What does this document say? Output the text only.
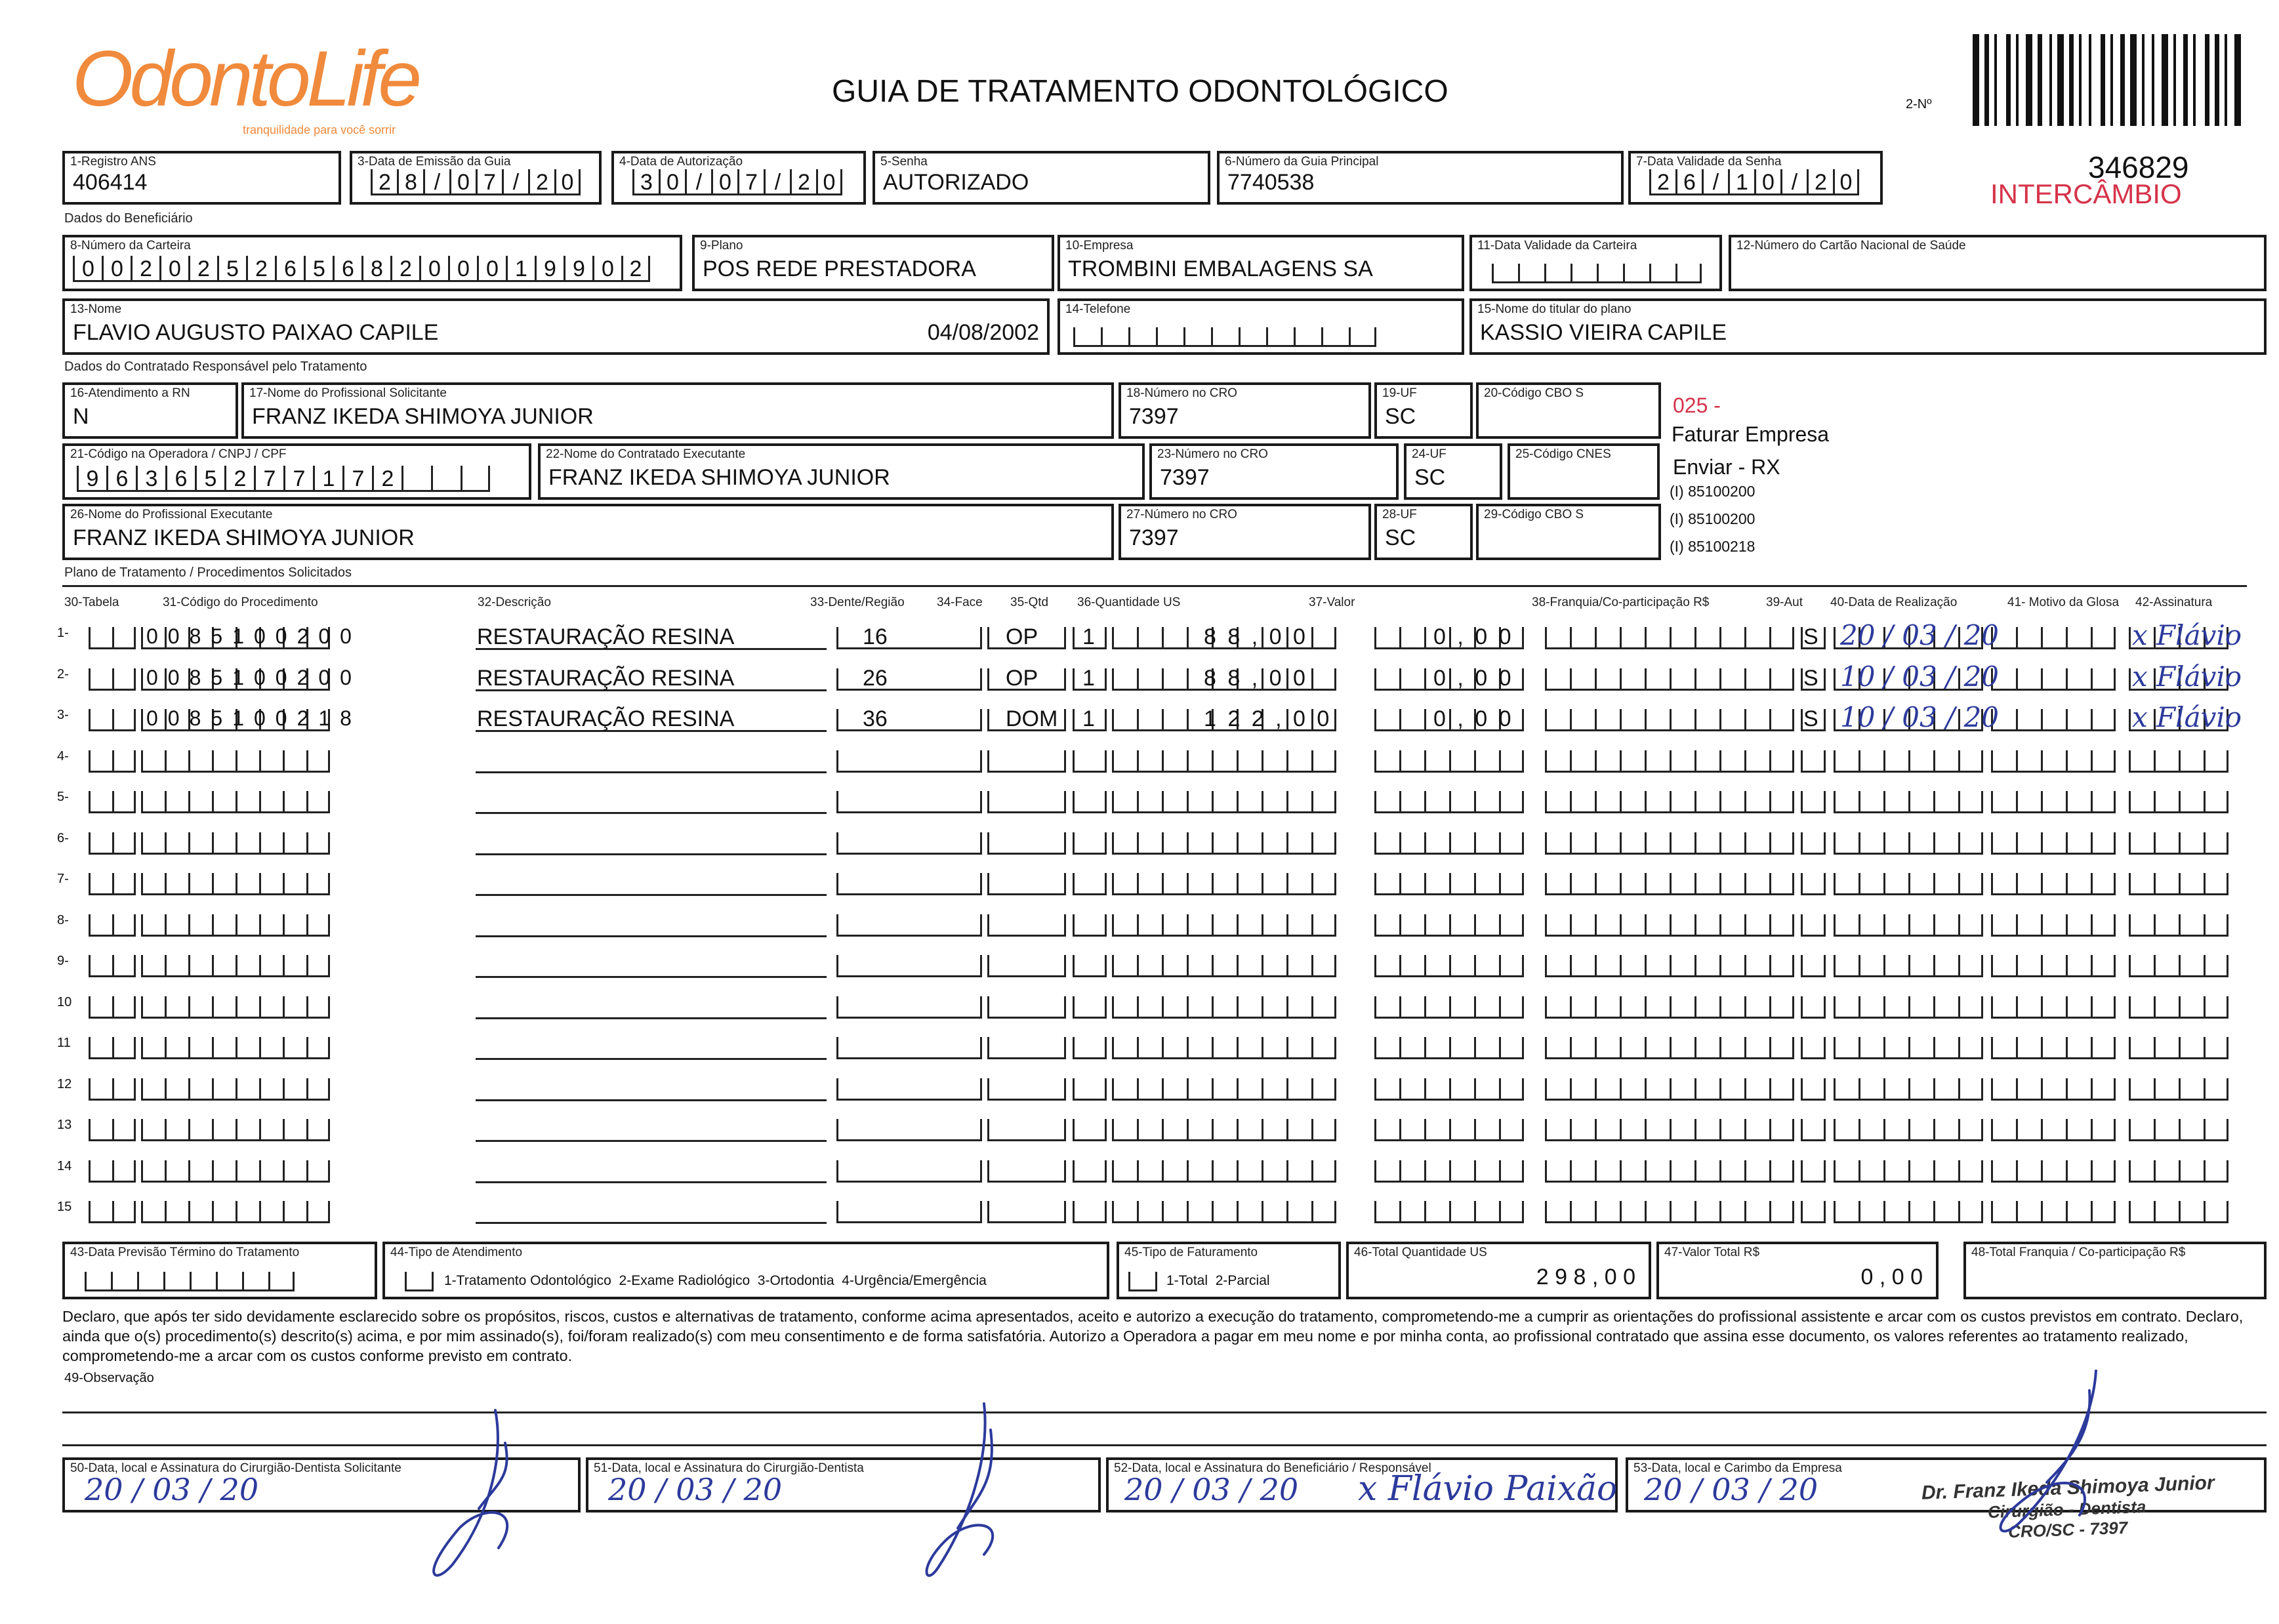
OdontoLife
tranquilidade para você sorrir
GUIA DE TRATAMENTO ODONTOLÓGICO	2-Nº
346829
INTERCÂMBIO
1-Registro ANS
406414
3-Data de Emissão da Guia
2 8 / 0 7 / 2 0
4-Data de Autorização
3 0 / 0 7 / 2 0
5-Senha
AUTORIZADO
6-Número da Guia Principal
7740538
7-Data Validade da Senha
2 6 / 1 0 / 2 0
Dados do Beneficiário
8-Número da Carteira
0 0 2 0 2 5 2 6 5 6 8 2 0 0 0 1 9 9 0 2
9-Plano
POS REDE PRESTADORA
10-Empresa
TROMBINI EMBALAGENS SA
11-Data Validade da Carteira	12-Número do Cartão Nacional de Saúde
13-Nome
FLAVIO AUGUSTO PAIXAO CAPILE	04/08/2002
14-Telefone	15-Nome do titular do plano
KASSIO VIEIRA CAPILE
Dados do Contratado Responsável pelo Tratamento
16-Atendimento a RN
N
17-Nome do Profissional Solicitante
FRANZ IKEDA SHIMOYA JUNIOR
18-Número no CRO
7397
19-UF
SC
20-Código CBO S
21-Código na Operadora / CNPJ / CPF
9 6 3 6 5 2 7 7 1 7 2
22-Nome do Contratado Executante
FRANZ IKEDA SHIMOYA JUNIOR
23-Número no CRO
7397
24-UF
SC
25-Código CNES
26-Nome do Profissional Executante
FRANZ IKEDA SHIMOYA JUNIOR
27-Número no CRO
7397
28-UF
SC
29-Código CBO S
025 -
Faturar Empresa
Enviar - RX
(I) 85100200
(I) 85100200
(I) 85100218
Plano de Tratamento / Procedimentos Solicitados
30-Tabela	31-Código do Procedimento	32-Descrição	33-Dente/Região	34-Face 35-Qtd 36-Quantidade US	37-Valor	38-Franquia/Co-participação R$	39-Aut 40-Data de Realização	41- Motivo da Glosa 42-Assinatura
1-	0085100200	RESTAURAÇÃO RESINA	16	OP 1	8 8 , 0 0	0 , 0 0	S 20 / 03 / 20	x Flávio
2-	0085100200	RESTAURAÇÃO RESINA	26	OP 1	8 8 , 0 0	0 , 0 0	S 10 / 03 / 20	x Flávio
3-	0085100218	RESTAURAÇÃO RESINA	36	DOM 1	1 2 2 , 0 0	0 , 0 0	S 10 / 03 / 20	x Flávio
4-
5-
6-
7-
8-
9-
10
11
12
13
14
15
43-Data Previsão Término do Tratamento	44-Tipo de Atendimento
1-Tratamento Odontológico  2-Exame Radiológico  3-Ortodontia  4-Urgência/Emergência
45-Tipo de Faturamento
1-Total  2-Parcial
46-Total Quantidade US
2 9 8 , 0 0
47-Valor Total R$
0 , 0 0
48-Total Franquia / Co-participação R$
Declaro, que após ter sido devidamente esclarecido sobre os propósitos, riscos, custos e alternativas de tratamento, conforme acima apresentados, aceito e autorizo a execução do tratamento, comprometendo-me a cumprir as orientações do profissional assistente e arcar com os custos previstos em contrato. Declaro, ainda que o(s) procedimento(s) descrito(s) acima, e por mim assinado(s), foi/foram realizado(s) com meu consentimento e de forma satisfatória. Autorizo a Operadora a pagar em meu nome e por minha conta, ao profissional contratado que assina esse documento, os valores referentes ao tratamento realizado, comprometendo-me a arcar com os custos conforme previsto em contrato.
49-Observação
50-Data, local e Assinatura do Cirurgião-Dentista Solicitante
20 / 03 / 20
51-Data, local e Assinatura do Cirurgião-Dentista
20 / 03 / 20
52-Data, local e Assinatura do Beneficiário / Responsável
20 / 03 / 20 x Flávio Paixão
53-Data, local e Carimbo da Empresa
20 / 03 / 20	Dr. Franz Ikeda Shimoya Junior
Cirurgião - Dentista
CRO/SC - 7397
